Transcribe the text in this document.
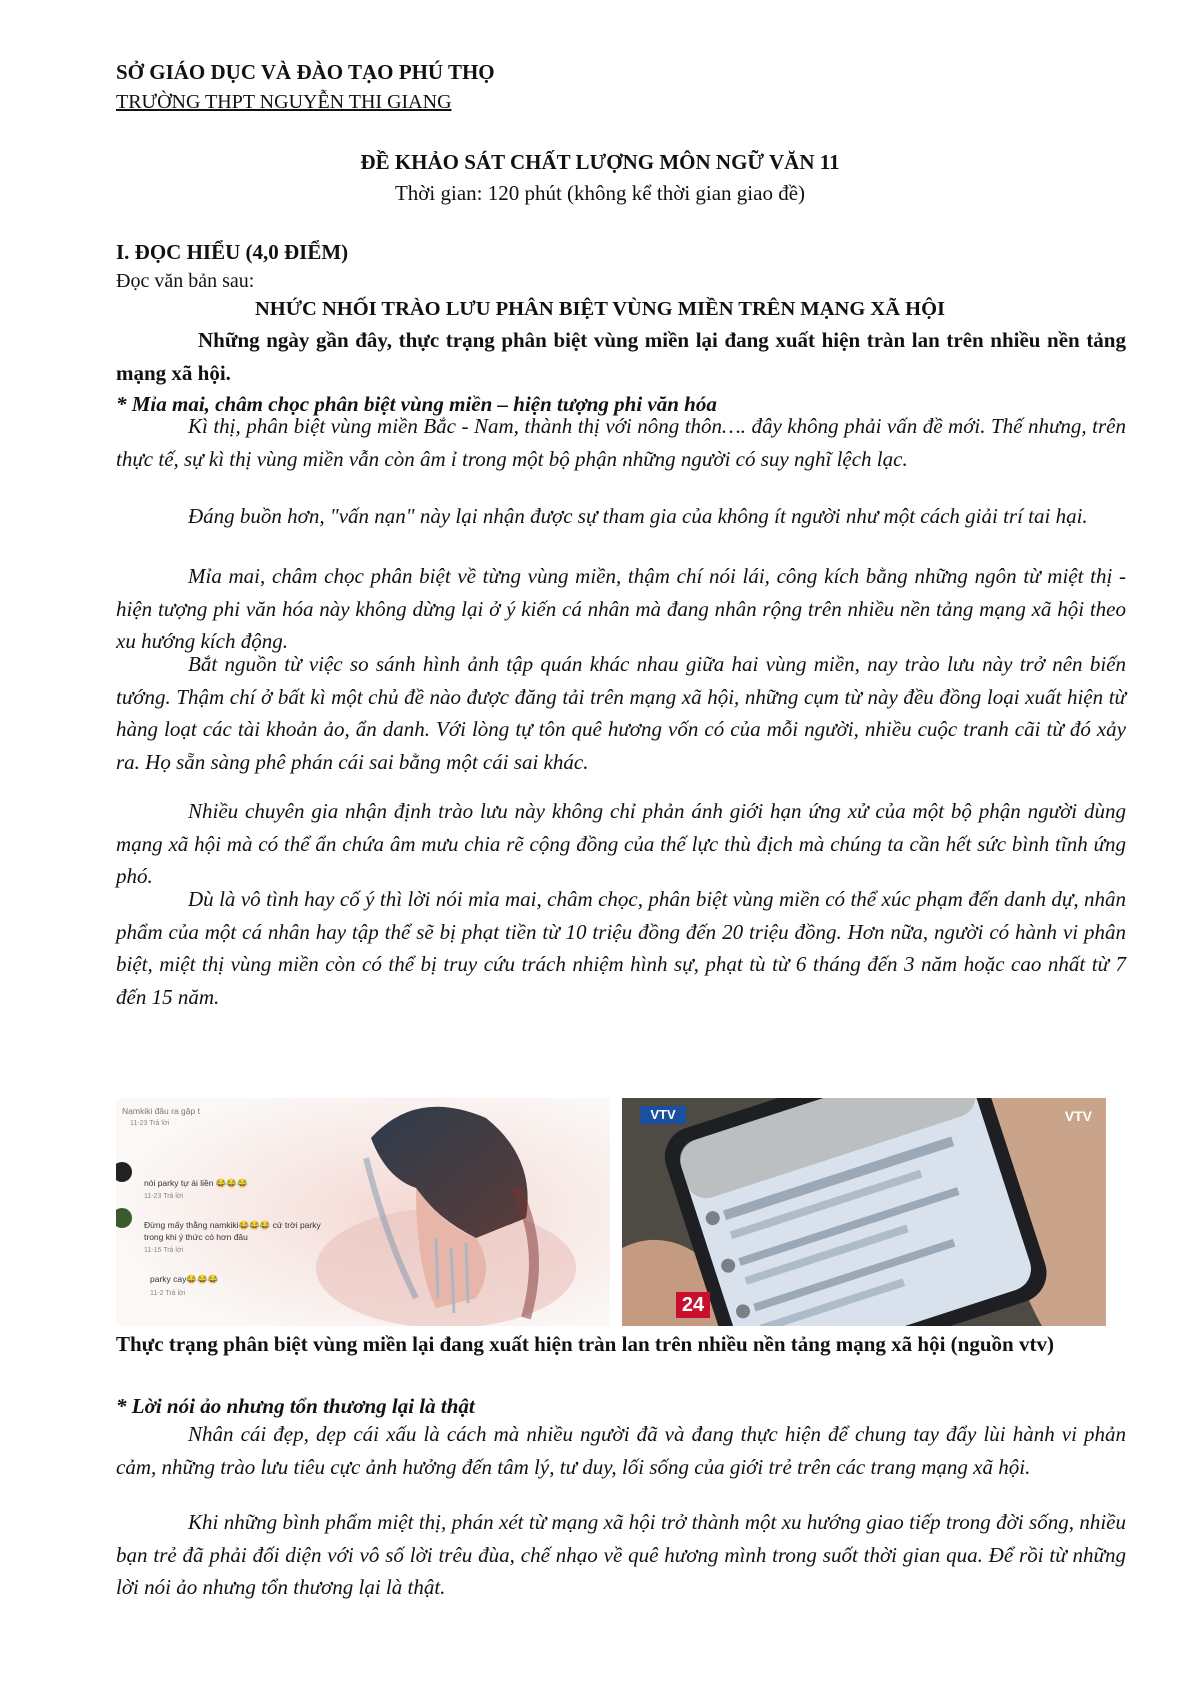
SỞ GIÁO DỤC VÀ ĐÀO TẠO PHÚ THỌ

TRƯỜNG THPT NGUYỄN THI GIANG

ĐỀ KHẢO SÁT CHẤT LƯỢNG MÔN NGỮ VĂN 11

Thời gian: 120 phút (không kể thời gian giao đề)

I. ĐỌC HIỂU (4,0 ĐIỂM)

Đọc văn bản sau:

NHỨC NHỐI TRÀO LƯU PHÂN BIỆT VÙNG MIỀN TRÊN MẠNG XÃ HỘI

Những ngày gần đây, thực trạng phân biệt vùng miền lại đang xuất hiện tràn lan trên nhiều nền tảng mạng xã hội.

* Mỉa mai, châm chọc phân biệt vùng miền – hiện tượng phi văn hóa

Kì thị, phân biệt vùng miền Bắc - Nam, thành thị với nông thôn…. đây không phải vấn đề mới. Thế nhưng, trên thực tế, sự kì thị vùng miền vẫn còn âm ỉ trong một bộ phận những người có suy nghĩ lệch lạc.

Đáng buồn hơn, "vấn nạn" này lại nhận được sự tham gia của không ít người như một cách giải trí tai hại.

Mỉa mai, châm chọc phân biệt về từng vùng miền, thậm chí nói lái, công kích bằng những ngôn từ miệt thị - hiện tượng phi văn hóa này không dừng lại ở ý kiến cá nhân mà đang nhân rộng trên nhiều nền tảng mạng xã hội theo xu hướng kích động.

Bắt nguồn từ việc so sánh hình ảnh tập quán khác nhau giữa hai vùng miền, nay trào lưu này trở nên biến tướng. Thậm chí ở bất kì một chủ đề nào được đăng tải trên mạng xã hội, những cụm từ này đều đồng loại xuất hiện từ hàng loạt các tài khoản ảo, ẩn danh. Với lòng tự tôn quê hương vốn có của mỗi người, nhiều cuộc tranh cãi từ đó xảy ra. Họ sẵn sàng phê phán cái sai bằng một cái sai khác.

Nhiều chuyên gia nhận định trào lưu này không chỉ phản ánh giới hạn ứng xử của một bộ phận người dùng mạng xã hội mà có thể ẩn chứa âm mưu chia rẽ cộng đồng của thế lực thù địch mà chúng ta cần hết sức bình tĩnh ứng phó.

Dù là vô tình hay cố ý thì lời nói mỉa mai, châm chọc, phân biệt vùng miền có thể xúc phạm đến danh dự, nhân phẩm của một cá nhân hay tập thể sẽ bị phạt tiền từ 10 triệu đồng đến 20 triệu đồng. Hơn nữa, người có hành vi phân biệt, miệt thị vùng miền còn có thể bị truy cứu trách nhiệm hình sự, phạt tù từ 6 tháng đến 3 năm hoặc cao nhất từ 7 đến 15 năm.

Namkiki đâu ra gặp t
11-23 Trả lời
nói parky tự ái liền 😂😂😂
11-23 Trả lời
Đừng mấy thằng namkiki😂😂😂 cứ trời parky
trong khi ý thức có hơn đâu
11-15 Trả lời
parky cay😂😂😂
11-2 Trả lời
VTV	VTV
24

Thực trạng phân biệt vùng miền lại đang xuất hiện tràn lan trên nhiều nền tảng mạng xã hội (nguồn vtv)

* Lời nói ảo nhưng tổn thương lại là thật

Nhân cái đẹp, dẹp cái xấu là cách mà nhiều người đã và đang thực hiện để chung tay đẩy lùi hành vi phản cảm, những trào lưu tiêu cực ảnh hưởng đến tâm lý, tư duy, lối sống của giới trẻ trên các trang mạng xã hội.

Khi những bình phẩm miệt thị, phán xét từ mạng xã hội trở thành một xu hướng giao tiếp trong đời sống, nhiều bạn trẻ đã phải đối diện với vô số lời trêu đùa, chế nhạo về quê hương mình trong suốt thời gian qua. Để rồi từ những lời nói ảo nhưng tổn thương lại là thật.
